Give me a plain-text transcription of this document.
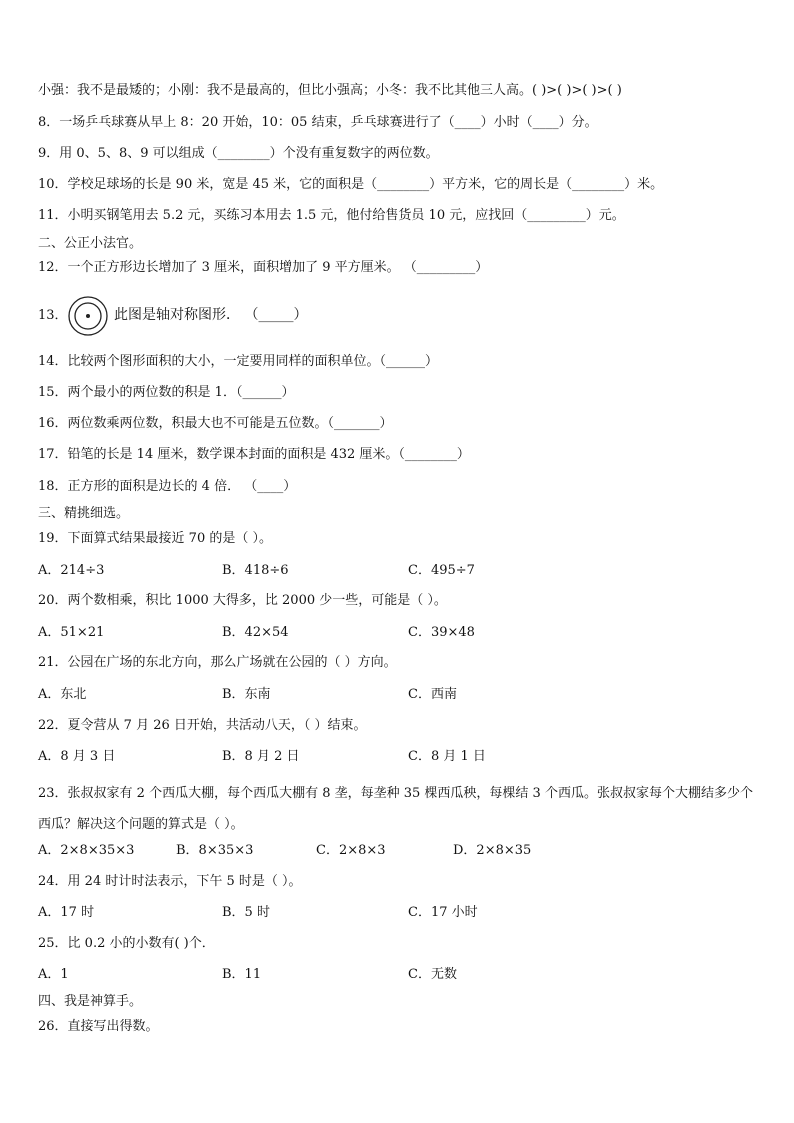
小强：我不是最矮的；小刚：我不是最高的，但比小强高；小冬：我不比其他三人高。( )>( )>( )>( )
8．一场乒乓球赛从早上 8：20 开始，10：05 结束，乒乓球赛进行了（____）小时（____）分。
9．用 0、5、8、9 可以组成（________）个没有重复数字的两位数。
10．学校足球场的长是 90 米，宽是 45 米，它的面积是（________）平方米，它的周长是（________）米。
11．小明买钢笔用去 5.2 元，买练习本用去 1.5 元，他付给售货员 10 元，应找回（_________）元。
二、公正小法官。
12．一个正方形边长增加了 3 厘米，面积增加了 9 平方厘米。 （_________）
13．	此图是轴对称图形． （_____）
14．比较两个图形面积的大小，一定要用同样的面积单位。（______）
15．两个最小的两位数的积是 1．（______）
16．两位数乘两位数，积最大也不可能是五位数。（_______）
17．铅笔的长是 14 厘米，数学课本封面的面积是 432 厘米。（________）
18．正方形的面积是边长的 4 倍． （____）
三、精挑细选。
19．下面算式结果最接近 70 的是（ ）。
A．214÷3	B．418÷6	C．495÷7
20．两个数相乘，积比 1000 大得多，比 2000 少一些，可能是（ ）。
A．51×21	B．42×54	C．39×48
21．公园在广场的东北方向，那么广场就在公园的（ ）方向。
A．东北	B．东南	C．西南
22．夏令营从 7 月 26 日开始，共活动八天，（ ）结束。
A．8 月 3 日	B．8 月 2 日	C．8 月 1 日
23．张叔叔家有 2 个西瓜大棚，每个西瓜大棚有 8 垄，每垄种 35 棵西瓜秧，每棵结 3 个西瓜。张叔叔家每个大棚结多少个西瓜？解决这个问题的算式是（ ）。
A．2×8×35×3	B．8×35×3	C．2×8×3	D．2×8×35
24．用 24 时计时法表示，下午 5 时是（ ）。
A．17 时	B．5 时	C．17 小时
25．比 0.2 小的小数有( )个．
A．1	B．11	C．无数
四、我是神算手。
26．直接写出得数。
